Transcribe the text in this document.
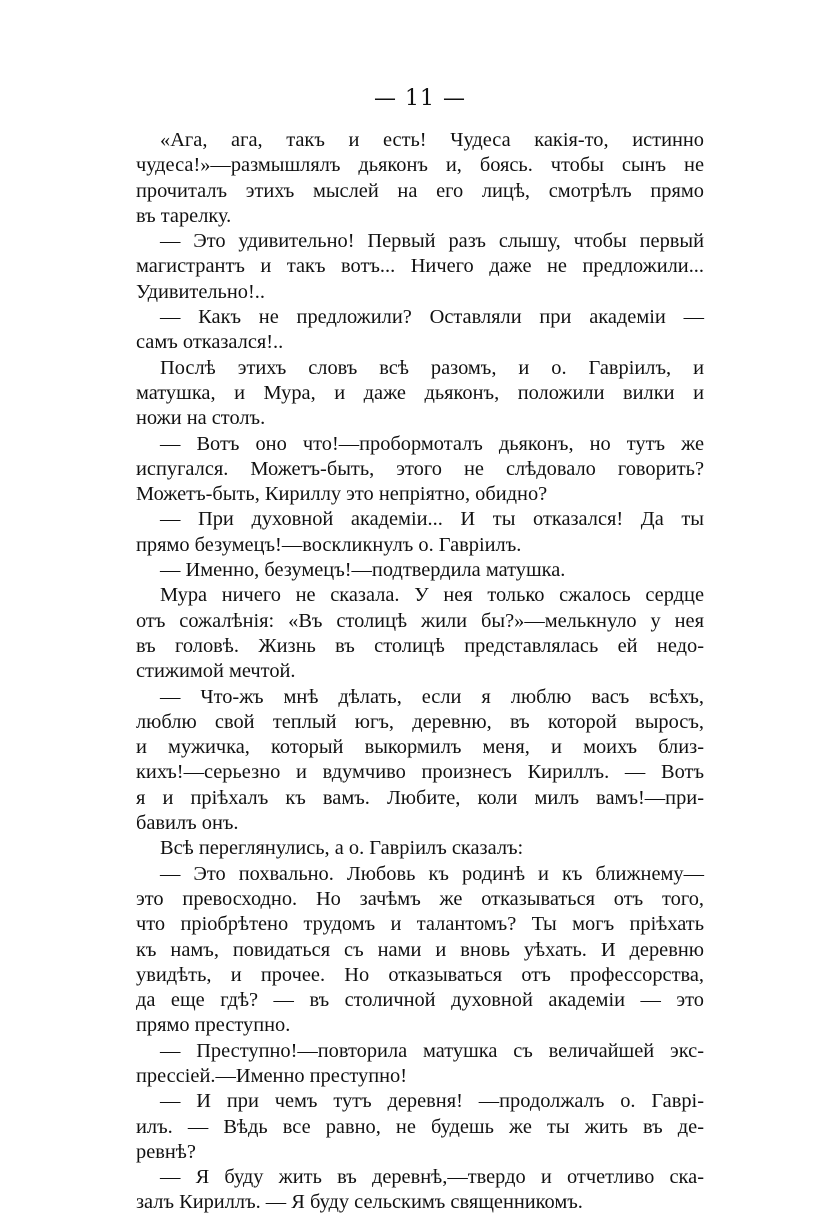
— 11 —
«Ага, ага, такъ и есть! Чудеса какія-то, истинно
чудеса!»—размышлялъ дьяконъ и, боясь. чтобы сынъ не
прочиталъ этихъ мыслей на его лицѣ, смотрѣлъ прямо
въ тарелку.
— Это удивительно! Первый разъ слышу, чтобы первый
магистрантъ и такъ вотъ... Ничего даже не предложили...
Удивительно!..
— Какъ не предложили? Оставляли при академіи —
самъ отказался!..
Послѣ этихъ словъ всѣ разомъ, и о. Гавріилъ, и
матушка, и Мура, и даже дьяконъ, положили вилки и
ножи на столъ.
— Вотъ оно что!—пробормоталъ дьяконъ, но тутъ же
испугался. Можетъ-быть, этого не слѣдовало говорить?
Можетъ-быть, Кириллу это непріятно, обидно?
— При духовной академіи... И ты отказался! Да ты
прямо безумецъ!—воскликнулъ о. Гавріилъ.
— Именно, безумецъ!—подтвердила матушка.
Мура ничего не сказала. У нея только сжалось сердце
отъ сожалѣнія: «Въ столицѣ жили бы?»—мелькнуло у нея
въ головѣ. Жизнь въ столицѣ представлялась ей недо-
стижимой мечтой.
— Что-жъ мнѣ дѣлать, если я люблю васъ всѣхъ,
люблю свой теплый югъ, деревню, въ которой выросъ,
и мужичка, который выкормилъ меня, и моихъ близ-
кихъ!—серьезно и вдумчиво произнесъ Кириллъ. — Вотъ
я и пріѣхалъ къ вамъ. Любите, коли милъ вамъ!—при-
бавилъ онъ.
Всѣ переглянулись, а о. Гавріилъ сказалъ:
— Это похвально. Любовь къ родинѣ и къ ближнему—
это превосходно. Но зачѣмъ же отказываться отъ того,
что пріобрѣтено трудомъ и талантомъ? Ты могъ пріѣхать
къ намъ, повидаться съ нами и вновь уѣхать. И деревню
увидѣть, и прочее. Но отказываться отъ профессорства,
да еще гдѣ? — въ столичной духовной академіи — это
прямо преступно.
— Преступно!—повторила матушка съ величайшей экс-
прессіей.—Именно преступно!
— И при чемъ тутъ деревня! —продолжалъ о. Гаврі-
илъ. — Вѣдь все равно, не будешь же ты жить въ де-
ревнѣ?
— Я буду жить въ деревнѣ,—твердо и отчетливо ска-
залъ Кириллъ. — Я буду сельскимъ священникомъ.
